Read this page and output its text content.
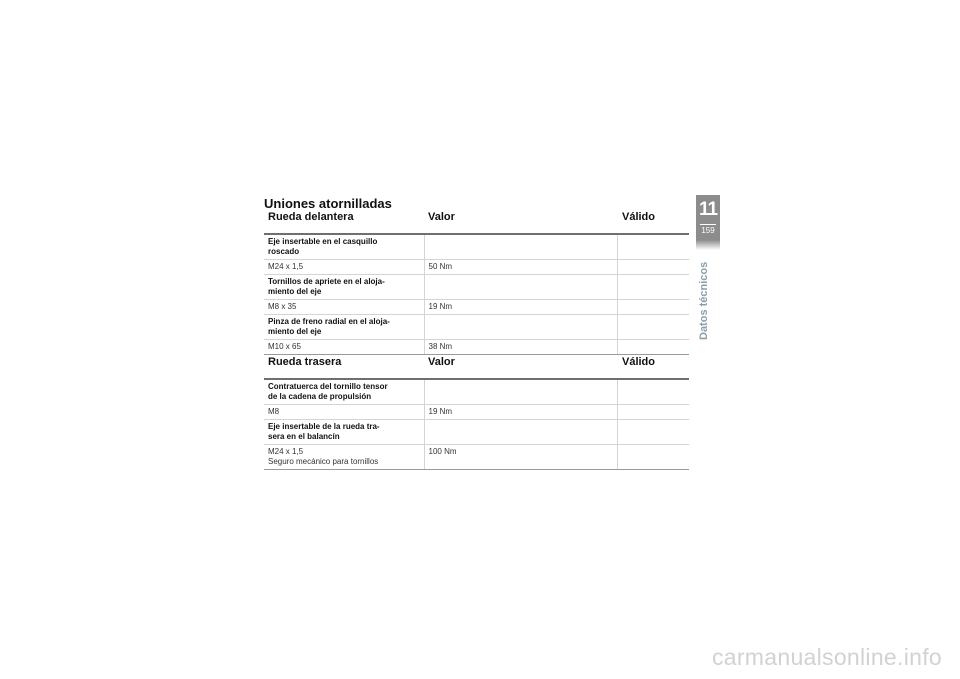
Uniones atornilladas
Rueda delantera	Valor	Válido
Eje insertable en el casquillo
roscado		
M24 x 1,5	50 Nm	
Tornillos de apriete en el aloja-
miento del eje		
M8 x 35	19 Nm	
Pinza de freno radial en el aloja-
miento del eje		
M10 x 65	38 Nm	
Rueda trasera	Valor	Válido
Contratuerca del tornillo tensor
de la cadena de propulsión		
M8	19 Nm	
Eje insertable de la rueda tra-
sera en el balancín		
M24 x 1,5
Seguro mecánico para tornillos	100 Nm	
11
159
Datos técnicos
carmanualsonline.info
